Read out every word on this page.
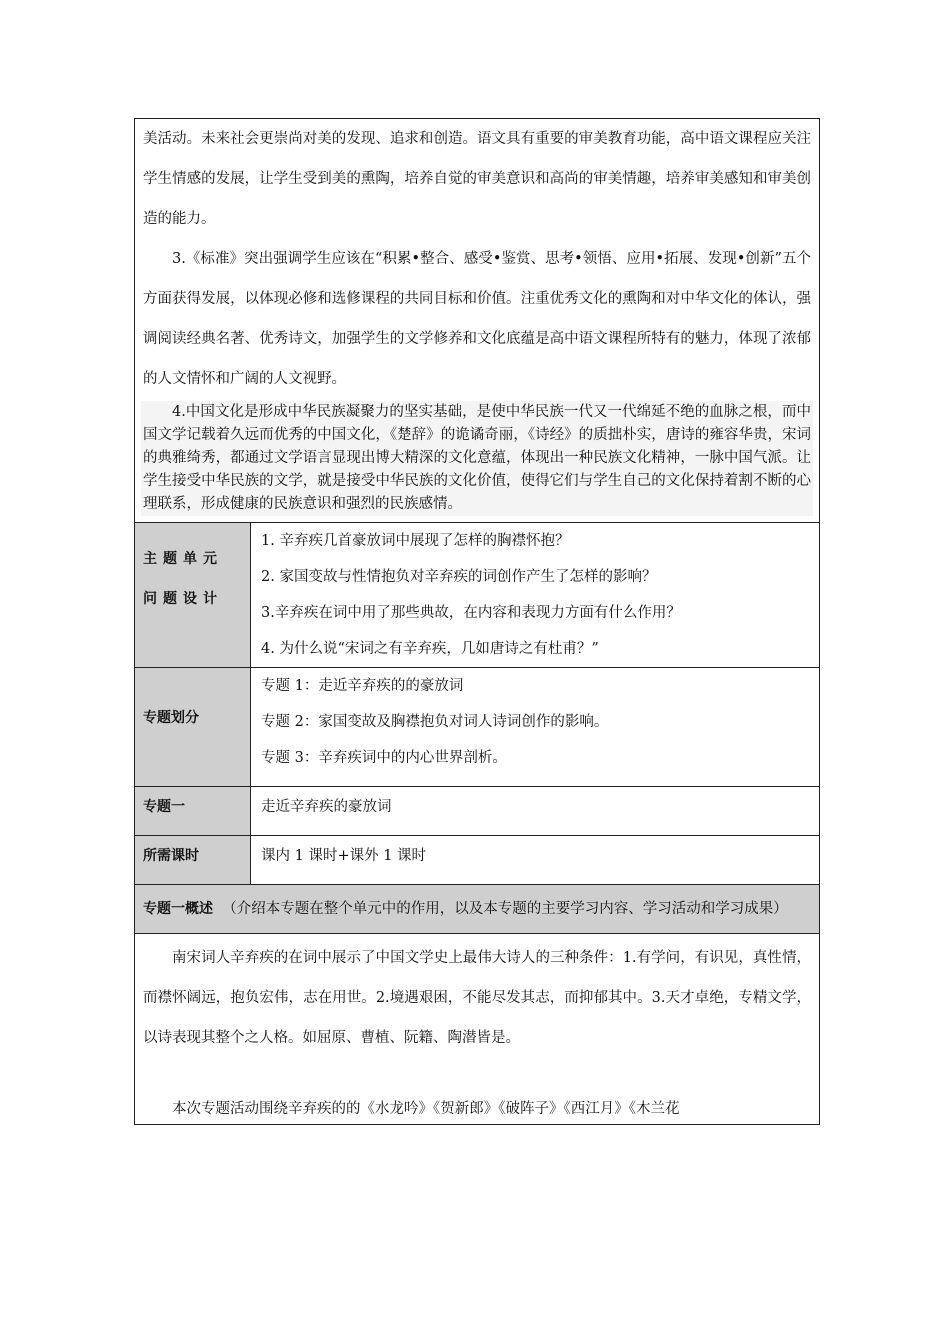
美活动。未来社会更崇尚对美的发现、追求和创造。语文具有重要的审美教育功能，高中语文课程应关注学生情感的发展，让学生受到美的熏陶，培养自觉的审美意识和高尚的审美情趣，培养审美感知和审美创造的能力。

3.《标准》突出强调学生应该在“积累•整合、感受•鉴赏、思考•领悟、应用•拓展、发现•创新”五个方面获得发展，以体现必修和选修课程的共同目标和价值。注重优秀文化的熏陶和对中华文化的体认，强调阅读经典名著、优秀诗文，加强学生的文学修养和文化底蕴是高中语文课程所特有的魅力，体现了浓郁的人文情怀和广阔的人文视野。

4.中国文化是形成中华民族凝聚力的坚实基础，是使中华民族一代又一代绵延不绝的血脉之根，而中国文学记载着久远而优秀的中国文化，《楚辞》的诡谲奇丽，《诗经》的质拙朴实，唐诗的雍容华贵，宋词的典雅绮秀，都通过文学语言显现出博大精深的文化意蕴，体现出一种民族文化精神，一脉中国气派。让学生接受中华民族的文学，就是接受中华民族的文化价值，使得它们与学生自己的文化保持着割不断的心理联系，形成健康的民族意识和强烈的民族感情。	

主题单元问题设计	1. 辛弃疾几首豪放词中展现了怎样的胸襟怀抱？

2. 家国变故与性情抱负对辛弃疾的词创作产生了怎样的影响？

3.辛弃疾在词中用了那些典故，在内容和表现力方面有什么作用？

4. 为什么说“宋词之有辛弃疾，几如唐诗之有杜甫？”

专题划分	专题 1：走近辛弃疾的的豪放词

专题 2：家国变故及胸襟抱负对词人诗词创作的影响。

专题 3：辛弃疾词中的内心世界剖析。

专题一	走近辛弃疾的豪放词

所需课时	课内 1 课时+课外 1 课时

专题一概述 （介绍本专题在整个单元中的作用，以及本专题的主要学习内容、学习活动和学习成果）	

南宋词人辛弃疾的在词中展示了中国文学史上最伟大诗人的三种条件：1.有学问，有识见，真性情，而襟怀阔远，抱负宏伟，志在用世。2.境遇艰困，不能尽发其志，而抑郁其中。3.天才卓绝，专精文学，以诗表现其整个之人格。如屈原、曹植、阮籍、陶潜皆是。

本次专题活动围绕辛弃疾的的《水龙吟》《贺新郎》《破阵子》《西江月》《木兰花	
